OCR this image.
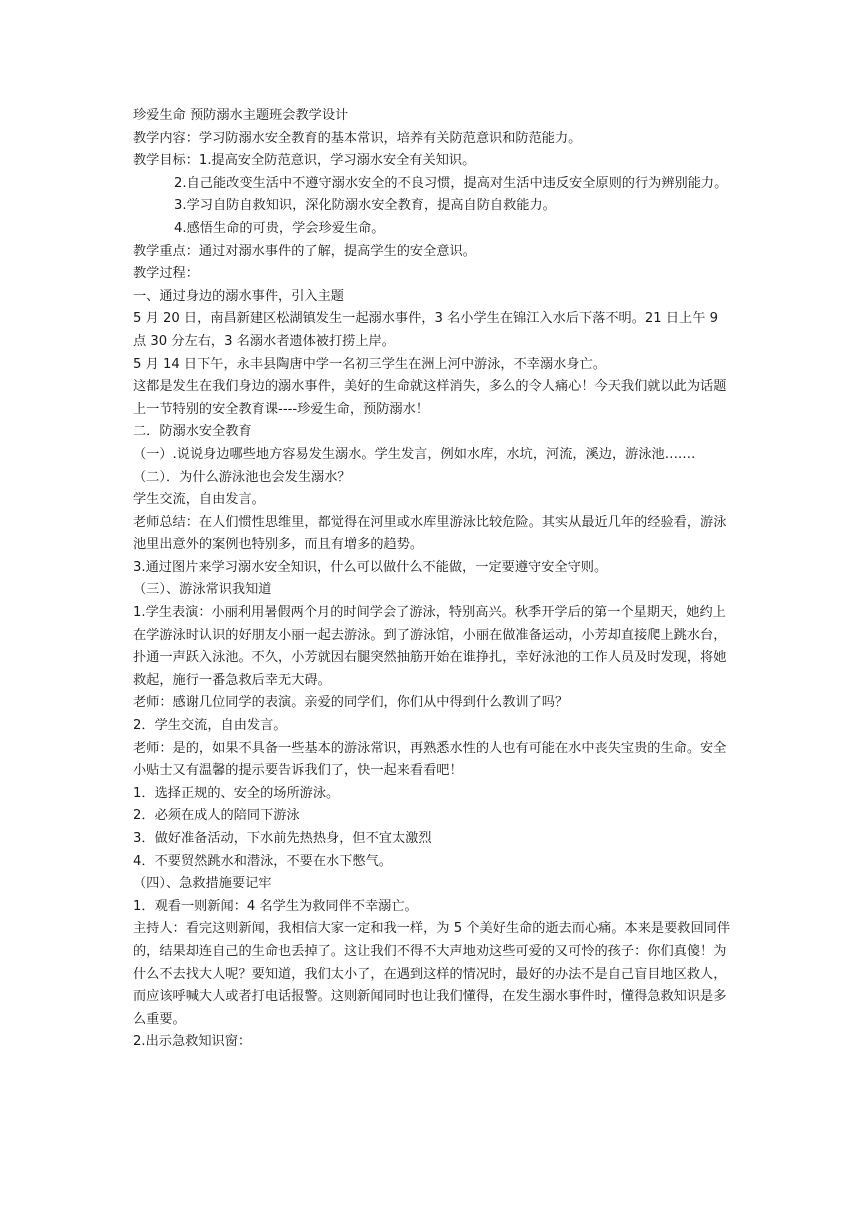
珍爱生命 预防溺水主题班会教学设计

教学内容：学习防溺水安全教育的基本常识，培养有关防范意识和防范能力。

教学目标：1.提高安全防范意识，学习溺水安全有关知识。

2.自己能改变生活中不遵守溺水安全的不良习惯，提高对生活中违反安全原则的行为辨别能力。

3.学习自防自救知识，深化防溺水安全教育，提高自防自救能力。

4.感悟生命的可贵，学会珍爱生命。

教学重点：通过对溺水事件的了解，提高学生的安全意识。

教学过程：

一、通过身边的溺水事件，引入主题

5 月 20 日，南昌新建区松湖镇发生一起溺水事件，3 名小学生在锦江入水后下落不明。21 日上午 9 点 30 分左右，3 名溺水者遗体被打捞上岸。

5 月 14 日下午，永丰县陶唐中学一名初三学生在洲上河中游泳，不幸溺水身亡。

这都是发生在我们身边的溺水事件，美好的生命就这样消失，多么的令人痛心！今天我们就以此为话题上一节特别的安全教育课----珍爱生命，预防溺水！

二．防溺水安全教育

（一）.说说身边哪些地方容易发生溺水。学生发言，例如水库，水坑，河流，溪边，游泳池…….

（二）．为什么游泳池也会发生溺水？

学生交流，自由发言。

老师总结：在人们惯性思维里，都觉得在河里或水库里游泳比较危险。其实从最近几年的经验看，游泳池里出意外的案例也特别多，而且有增多的趋势。

3.通过图片来学习溺水安全知识，什么可以做什么不能做，一定要遵守安全守则。

（三）、游泳常识我知道

1.学生表演：小丽利用暑假两个月的时间学会了游泳，特别高兴。秋季开学后的第一个星期天，她约上在学游泳时认识的好朋友小丽一起去游泳。到了游泳馆，小丽在做准备运动，小芳却直接爬上跳水台，扑通一声跃入泳池。不久，小芳就因右腿突然抽筋开始在谁挣扎，幸好泳池的工作人员及时发现，将她救起，施行一番急救后幸无大碍。

老师：感谢几位同学的表演。亲爱的同学们，你们从中得到什么教训了吗？

2．学生交流，自由发言。

老师：是的，如果不具备一些基本的游泳常识，再熟悉水性的人也有可能在水中丧失宝贵的生命。安全小贴士又有温馨的提示要告诉我们了，快一起来看看吧！

1．选择正规的、安全的场所游泳。

2．必须在成人的陪同下游泳

3．做好准备活动，下水前先热热身，但不宜太激烈

4．不要贸然跳水和潜泳，不要在水下憋气。

（四）、急救措施要记牢

1．观看一则新闻：4 名学生为救同伴不幸溺亡。

主持人：看完这则新闻，我相信大家一定和我一样，为 5 个美好生命的逝去而心痛。本来是要救回同伴的，结果却连自己的生命也丢掉了。这让我们不得不大声地劝这些可爱的又可怜的孩子：你们真傻！为什么不去找大人呢？要知道，我们太小了，在遇到这样的情况时，最好的办法不是自己盲目地区救人，而应该呼喊大人或者打电话报警。这则新闻同时也让我们懂得，在发生溺水事件时，懂得急救知识是多么重要。

2.出示急救知识窗：
